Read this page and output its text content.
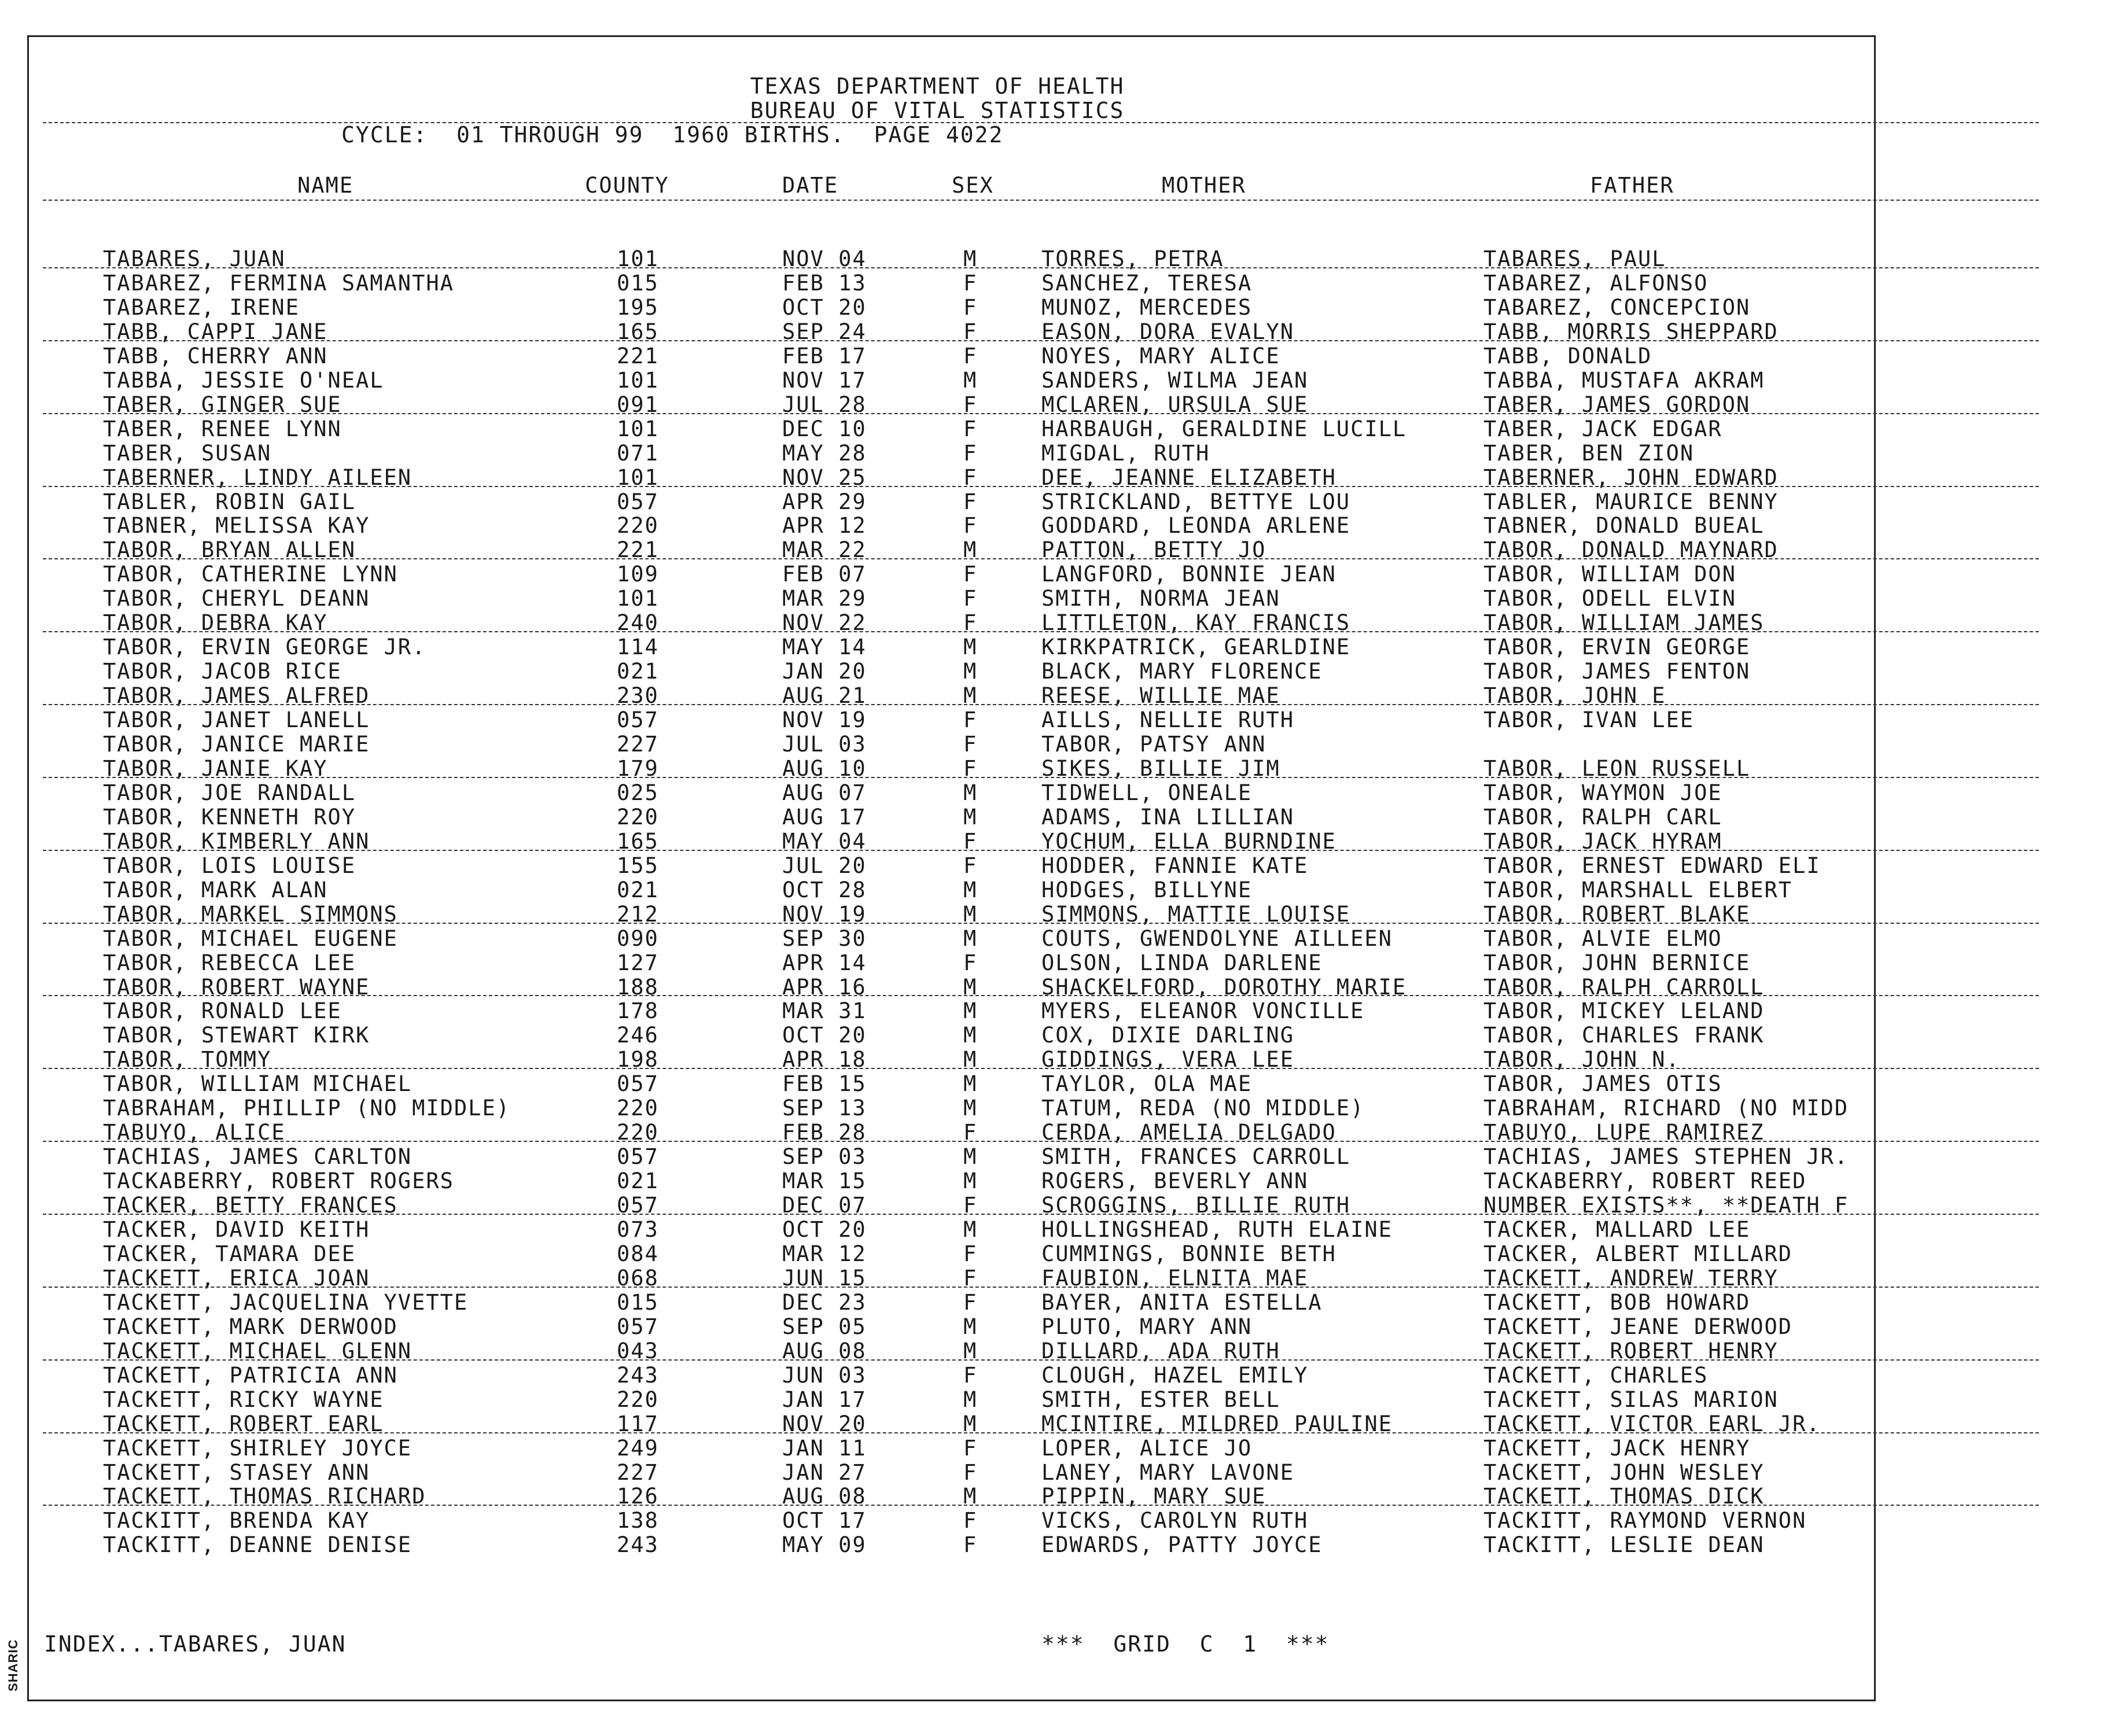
SHARIC
TEXAS DEPARTMENT OF HEALTH
BUREAU OF VITAL STATISTICS
CYCLE:  01 THROUGH 99  1960 BIRTHS.  PAGE 4022
NAME	COUNTY	DATE	SEX	MOTHER	FATHER
TABARES, JUAN	101	NOV 04	M	TORRES, PETRA	TABARES, PAUL
TABAREZ, FERMINA SAMANTHA	015	FEB 13	F	SANCHEZ, TERESA	TABAREZ, ALFONSO
TABAREZ, IRENE	195	OCT 20	F	MUNOZ, MERCEDES	TABAREZ, CONCEPCION
TABB, CAPPI JANE	165	SEP 24	F	EASON, DORA EVALYN	TABB, MORRIS SHEPPARD
TABB, CHERRY ANN	221	FEB 17	F	NOYES, MARY ALICE	TABB, DONALD
TABBA, JESSIE O'NEAL	101	NOV 17	M	SANDERS, WILMA JEAN	TABBA, MUSTAFA AKRAM
TABER, GINGER SUE	091	JUL 28	F	MCLAREN, URSULA SUE	TABER, JAMES GORDON
TABER, RENEE LYNN	101	DEC 10	F	HARBAUGH, GERALDINE LUCILL	TABER, JACK EDGAR
TABER, SUSAN	071	MAY 28	F	MIGDAL, RUTH	TABER, BEN ZION
TABERNER, LINDY AILEEN	101	NOV 25	F	DEE, JEANNE ELIZABETH	TABERNER, JOHN EDWARD
TABLER, ROBIN GAIL	057	APR 29	F	STRICKLAND, BETTYE LOU	TABLER, MAURICE BENNY
TABNER, MELISSA KAY	220	APR 12	F	GODDARD, LEONDA ARLENE	TABNER, DONALD BUEAL
TABOR, BRYAN ALLEN	221	MAR 22	M	PATTON, BETTY JO	TABOR, DONALD MAYNARD
TABOR, CATHERINE LYNN	109	FEB 07	F	LANGFORD, BONNIE JEAN	TABOR, WILLIAM DON
TABOR, CHERYL DEANN	101	MAR 29	F	SMITH, NORMA JEAN	TABOR, ODELL ELVIN
TABOR, DEBRA KAY	240	NOV 22	F	LITTLETON, KAY FRANCIS	TABOR, WILLIAM JAMES
TABOR, ERVIN GEORGE JR.	114	MAY 14	M	KIRKPATRICK, GEARLDINE	TABOR, ERVIN GEORGE
TABOR, JACOB RICE	021	JAN 20	M	BLACK, MARY FLORENCE	TABOR, JAMES FENTON
TABOR, JAMES ALFRED	230	AUG 21	M	REESE, WILLIE MAE	TABOR, JOHN E
TABOR, JANET LANELL	057	NOV 19	F	AILLS, NELLIE RUTH	TABOR, IVAN LEE
TABOR, JANICE MARIE	227	JUL 03	F	TABOR, PATSY ANN
TABOR, JANIE KAY	179	AUG 10	F	SIKES, BILLIE JIM	TABOR, LEON RUSSELL
TABOR, JOE RANDALL	025	AUG 07	M	TIDWELL, ONEALE	TABOR, WAYMON JOE
TABOR, KENNETH ROY	220	AUG 17	M	ADAMS, INA LILLIAN	TABOR, RALPH CARL
TABOR, KIMBERLY ANN	165	MAY 04	F	YOCHUM, ELLA BURNDINE	TABOR, JACK HYRAM
TABOR, LOIS LOUISE	155	JUL 20	F	HODDER, FANNIE KATE	TABOR, ERNEST EDWARD ELI
TABOR, MARK ALAN	021	OCT 28	M	HODGES, BILLYNE	TABOR, MARSHALL ELBERT
TABOR, MARKEL SIMMONS	212	NOV 19	M	SIMMONS, MATTIE LOUISE	TABOR, ROBERT BLAKE
TABOR, MICHAEL EUGENE	090	SEP 30	M	COUTS, GWENDOLYNE AILLEEN	TABOR, ALVIE ELMO
TABOR, REBECCA LEE	127	APR 14	F	OLSON, LINDA DARLENE	TABOR, JOHN BERNICE
TABOR, ROBERT WAYNE	188	APR 16	M	SHACKELFORD, DOROTHY MARIE	TABOR, RALPH CARROLL
TABOR, RONALD LEE	178	MAR 31	M	MYERS, ELEANOR VONCILLE	TABOR, MICKEY LELAND
TABOR, STEWART KIRK	246	OCT 20	M	COX, DIXIE DARLING	TABOR, CHARLES FRANK
TABOR, TOMMY	198	APR 18	M	GIDDINGS, VERA LEE	TABOR, JOHN N.
TABOR, WILLIAM MICHAEL	057	FEB 15	M	TAYLOR, OLA MAE	TABOR, JAMES OTIS
TABRAHAM, PHILLIP (NO MIDDLE)	220	SEP 13	M	TATUM, REDA (NO MIDDLE)	TABRAHAM, RICHARD (NO MIDD
TABUYO, ALICE	220	FEB 28	F	CERDA, AMELIA DELGADO	TABUYO, LUPE RAMIREZ
TACHIAS, JAMES CARLTON	057	SEP 03	M	SMITH, FRANCES CARROLL	TACHIAS, JAMES STEPHEN JR.
TACKABERRY, ROBERT ROGERS	021	MAR 15	M	ROGERS, BEVERLY ANN	TACKABERRY, ROBERT REED
TACKER, BETTY FRANCES	057	DEC 07	F	SCROGGINS, BILLIE RUTH	NUMBER EXISTS**, **DEATH F
TACKER, DAVID KEITH	073	OCT 20	M	HOLLINGSHEAD, RUTH ELAINE	TACKER, MALLARD LEE
TACKER, TAMARA DEE	084	MAR 12	F	CUMMINGS, BONNIE BETH	TACKER, ALBERT MILLARD
TACKETT, ERICA JOAN	068	JUN 15	F	FAUBION, ELNITA MAE	TACKETT, ANDREW TERRY
TACKETT, JACQUELINA YVETTE	015	DEC 23	F	BAYER, ANITA ESTELLA	TACKETT, BOB HOWARD
TACKETT, MARK DERWOOD	057	SEP 05	M	PLUTO, MARY ANN	TACKETT, JEANE DERWOOD
TACKETT, MICHAEL GLENN	043	AUG 08	M	DILLARD, ADA RUTH	TACKETT, ROBERT HENRY
TACKETT, PATRICIA ANN	243	JUN 03	F	CLOUGH, HAZEL EMILY	TACKETT, CHARLES
TACKETT, RICKY WAYNE	220	JAN 17	M	SMITH, ESTER BELL	TACKETT, SILAS MARION
TACKETT, ROBERT EARL	117	NOV 20	M	MCINTIRE, MILDRED PAULINE	TACKETT, VICTOR EARL JR.
TACKETT, SHIRLEY JOYCE	249	JAN 11	F	LOPER, ALICE JO	TACKETT, JACK HENRY
TACKETT, STASEY ANN	227	JAN 27	F	LANEY, MARY LAVONE	TACKETT, JOHN WESLEY
TACKETT, THOMAS RICHARD	126	AUG 08	M	PIPPIN, MARY SUE	TACKETT, THOMAS DICK
TACKITT, BRENDA KAY	138	OCT 17	F	VICKS, CAROLYN RUTH	TACKITT, RAYMOND VERNON
TACKITT, DEANNE DENISE	243	MAY 09	F	EDWARDS, PATTY JOYCE	TACKITT, LESLIE DEAN
INDEX...TABARES, JUAN	***  GRID  C  1  ***
